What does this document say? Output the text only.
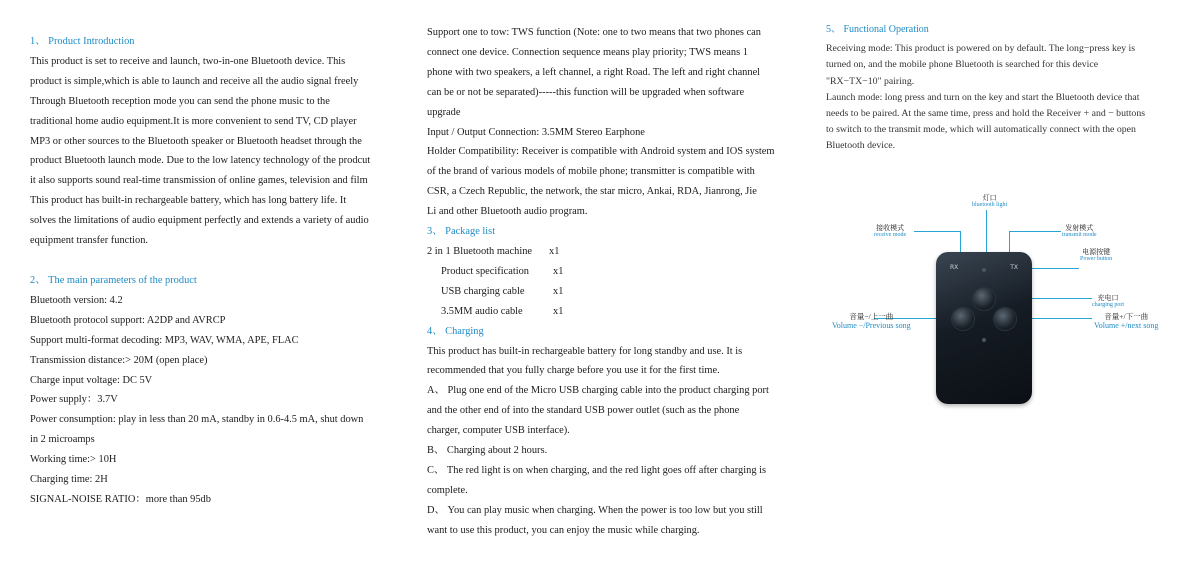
1、 Product Introduction

This product is set to receive and launch, two-in-one Bluetooth device. This

product is simple,which is able to launch and receive all the audio signal freely

Through Bluetooth reception mode you can send the phone music to the

traditional home audio equipment.It is more convenient to send TV, CD player

MP3 or other sources to the Bluetooth speaker or Bluetooth headset through the

product Bluetooth launch mode. Due to the low latency technology of the prodcut

it also supports sound real-time transmission of online games, television and film

This product has built-in rechargeable battery, which has long battery life. It

solves the limitations of audio equipment perfectly and extends a variety of audio

equipment transfer function.

2、 The main parameters of the product

Bluetooth version: 4.2

Bluetooth protocol support: A2DP and AVRCP

Support multi-format decoding: MP3, WAV, WMA, APE, FLAC

Transmission distance:> 20M (open place)

Charge input voltage: DC 5V

Power supply：3.7V

Power consumption: play in less than 20 mA, standby in 0.6-4.5 mA, shut down

in 2 microamps

Working time:> 10H

Charging time: 2H

SIGNAL-NOISE RATIO：more than 95db

Support one to tow: TWS function (Note: one to two means that two phones can

connect one device. Connection sequence means play priority; TWS means 1

phone with two speakers, a left channel, a right Road. The left and right channel

can be or not be separated)-----this function will be upgraded when software

upgrade

Input / Output Connection: 3.5MM Stereo Earphone

Holder Compatibility: Receiver is compatible with Android system and IOS system

of the brand of various models of mobile phone; transmitter is compatible with

CSR, a Czech Republic, the network, the star micro, Ankai, RDA, Jianrong, Jie

Li and other Bluetooth audio program.

3、 Package list

2 in 1 Bluetooth machine x1

Product specification x1

USB charging cable	x1

3.5MM audio cable	x1

4、 Charging

This product has built-in rechargeable battery for long standby and use. It is

recommended that you fully charge before you use it for the first time.

A、 Plug one end of the Micro USB charging cable into the product charging port

and the other end of into the standard USB power outlet (such as the phone

charger, computer USB interface).

B、 Charging about 2 hours.

C、 The red light is on when charging, and the red light goes off after charging is

complete.

D、 You can play music when charging. When the power is too low but you still

want to use this product, you can enjoy the music while charging.

5、 Functional Operation

Receiving mode: This product is powered on by default. The long−press key is

turned on, and the mobile phone Bluetooth is searched for this device

"RX−TX−10" pairing.

Launch mode: long press and turn on the key and start the Bluetooth device that

needs to be paired. At the same time, press and hold the Receiver + and − buttons

to switch to the transmit mode, which will automatically connect with the open

Bluetooth device.

灯口
bluetooth light
接收模式
receive mode
发射模式
transmit mode
电源按键
Power button
充电口
charging port
音量−/上一曲
Volume −/Previous song
音量+/下一曲
Volume +/next song
RX	TX
